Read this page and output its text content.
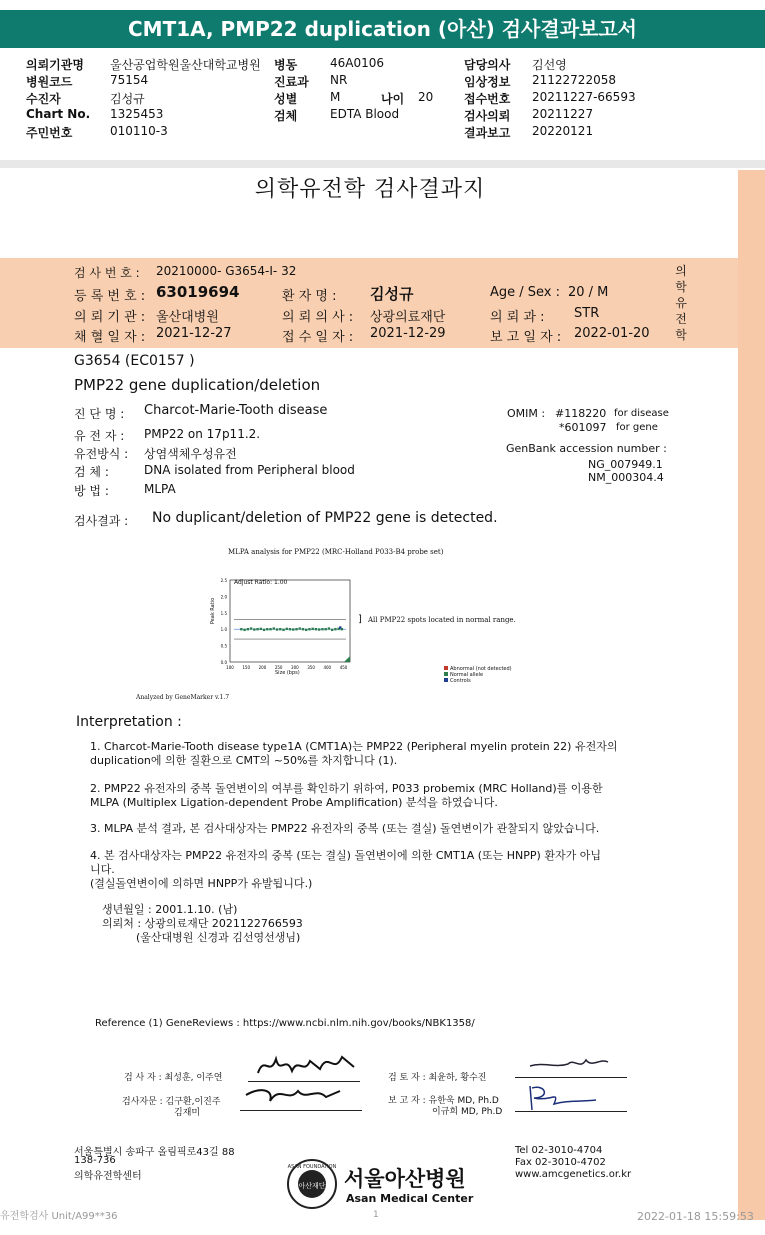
CMT1A, PMP22 duplication (아산) 검사결과보고서
의뢰기관명 울산공업학원울산대학교병원 병동	46A0106	담당의사 김선영
병원코드	75154	진료과 NR	임상정보 21122722058
수진자	김성규	성별	M	나이 20	접수번호 20211227-66593
Chart No. 1325453	검체	EDTA Blood	검사의뢰 20211227
주민번호	010110-3	결과보고 20220121
의학유전학 검사결과지
의
학
유
전
학
검 사 번 호 : 20210000- G3654-I- 32
등 록 번 호 : 63019694	환 자 명 : 김성규	Age / Sex : 20 / M
의 뢰 기 관 : 울산대병원	의 뢰 의 사 : 상광의료재단	의 뢰 과 : STR
채 혈 일 자 : 2021-12-27	접 수 일 자 : 2021-12-29	보 고 일 자 : 2022-01-20
G3654 (EC0157 )
PMP22 gene duplication/deletion
진 단 명 : Charcot-Marie-Tooth disease
유 전 자 : PMP22 on 17p11.2.
유전방식 : 상염색체우성유전
검 체 :	DNA isolated from Peripheral blood
방 법 :	MLPA
OMIM : #118220 for disease
*601097 for gene
GenBank accession number :
NG_007949.1
NM_000304.4
검사결과 : No duplicant/deletion of PMP22 gene is detected.
MLPA analysis for PMP22 (MRC-Holland P033-B4 probe set)
2.5
2.0
1.5
1.0
0.5
0.0
100 150 200 250 300 350 400 450
Adjust Ratio: 1.00
Peak Ratio
Size (bps)
] All PMP22 spots located in normal range.
Abnormal (not detected)
Normal allele
Controls
Analyzed by GeneMarker v.1.7
Interpretation :
1. Charcot-Marie-Tooth disease type1A (CMT1A)는 PMP22 (Peripheral myelin protein 22) 유전자의
duplication에 의한 질환으로 CMT의 ~50%를 차지합니다 (1).
2. PMP22 유전자의 중복 돌연변이의 여부를 확인하기 위하여, P033 probemix (MRC Holland)를 이용한
MLPA (Multiplex Ligation-dependent Probe Amplification) 분석을 하였습니다.
3. MLPA 분석 결과, 본 검사대상자는 PMP22 유전자의 중복 (또는 결실) 돌연변이가 관찰되지 않았습니다.
4. 본 검사대상자는 PMP22 유전자의 중복 (또는 결실) 돌연변이에 의한 CMT1A (또는 HNPP) 환자가 아닙
니다.
(결실돌연변이에 의하면 HNPP가 유발됩니다.)
생년월일 : 2001.1.10. (남)
의뢰처 : 상광의료재단 2021122766593
(울산대병원 신경과 김선영선생님)
Reference (1) GeneReviews : https://www.ncbi.nlm.nih.gov/books/NBK1358/
검 사 자 : 최성훈, 이주연
검사자문 : 김구환,이진주
김재미
검 토 자 : 최윤하, 황수진
보 고 자 : 유한욱 MD, Ph.D
이규희 MD, Ph.D
서울특별시 송파구 올림픽로43길 88
138-736
의학유전학센터
아산재단
ASAN FOUNDATION 서울아산병원
Asan Medical Center
Tel 02-3010-4704
Fax 02-3010-4702
www.amcgenetics.or.kr
유전학검사 Unit/A99**36	1	2022-01-18 15:59:53
